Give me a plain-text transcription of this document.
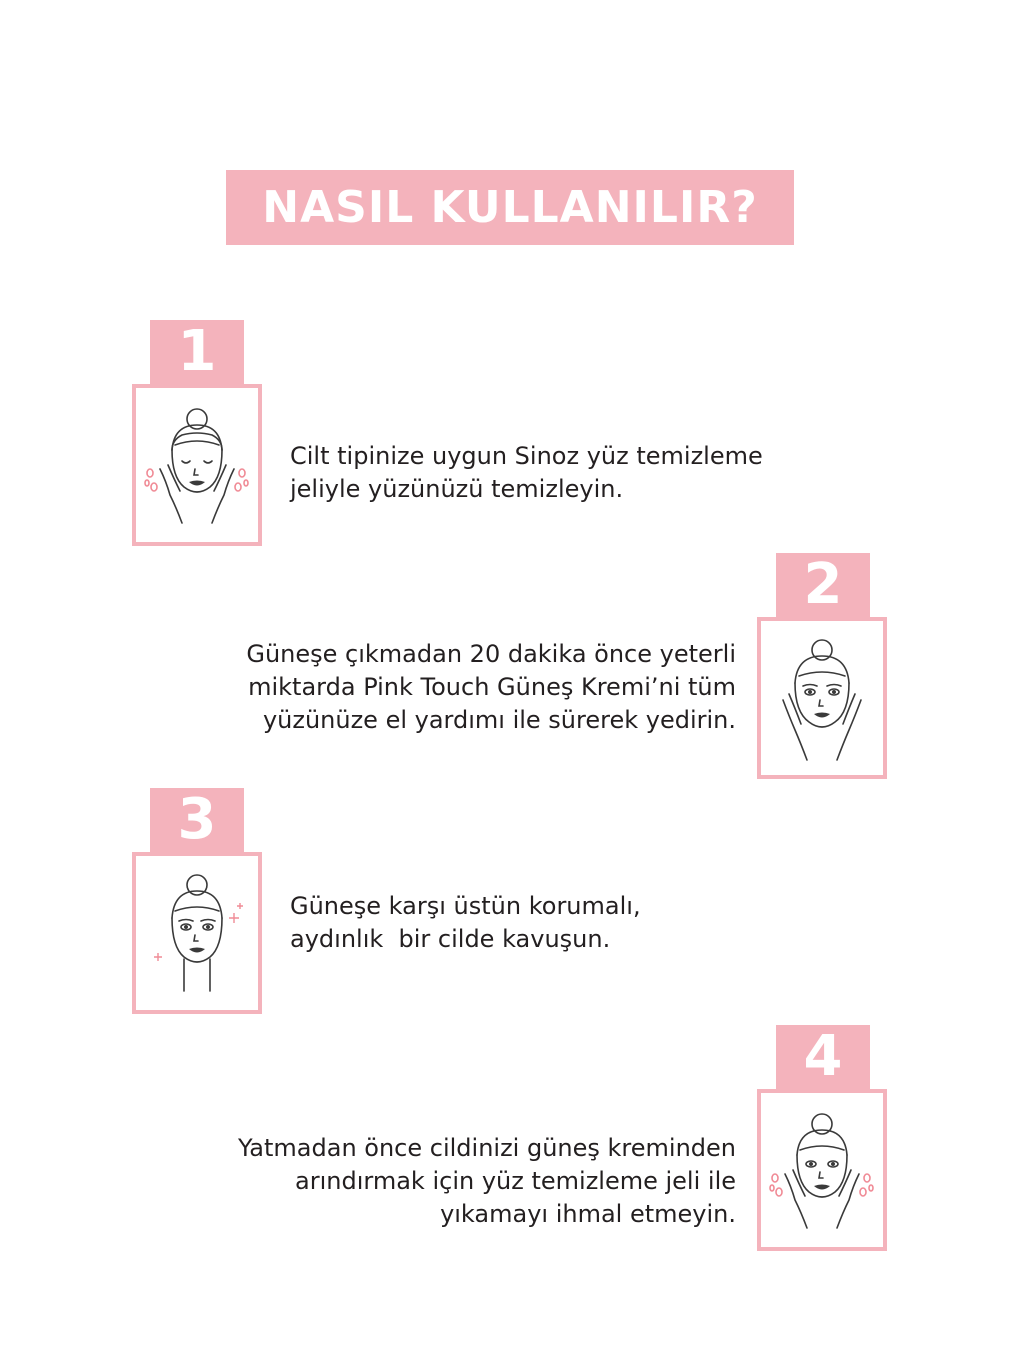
NASIL KULLANILIR?
1

Cilt tipinize uygun Sinoz yüz temizleme
jeliyle yüzünüzü temizleyin.

2

Güneşe çıkmadan 20 dakika önce yeterli
miktarda Pink Touch Güneş Kremi’ni tüm
yüzünüze el yardımı ile sürerek yedirin.

3

Güneşe karşı üstün korumalı,
aydınlık  bir cilde kavuşun.

4

Yatmadan önce cildinizi güneş kreminden
arındırmak için yüz temizleme jeli ile
yıkamayı ihmal etmeyin.
